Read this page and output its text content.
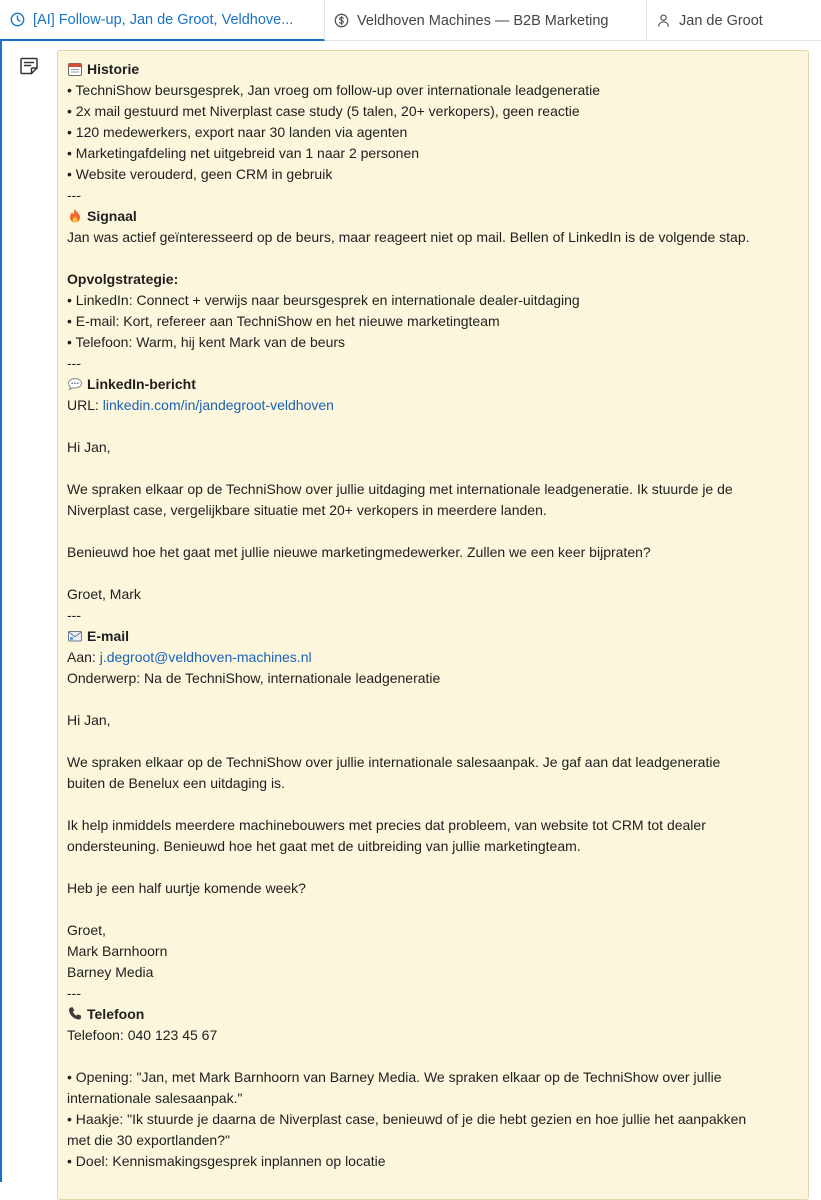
[AI] Follow-up, Jan de Groot, Veldhove...	Veldhoven Machines — B2B Marketing	Jan de Groot
Historie
• TechniShow beursgesprek, Jan vroeg om follow-up over internationale leadgeneratie
• 2x mail gestuurd met Niverplast case study (5 talen, 20+ verkopers), geen reactie
• 120 medewerkers, export naar 30 landen via agenten
• Marketingafdeling net uitgebreid van 1 naar 2 personen
• Website verouderd, geen CRM in gebruik
---
Signaal
Jan was actief geïnteresseerd op de beurs, maar reageert niet op mail. Bellen of LinkedIn is de volgende stap.
Opvolgstrategie:
• LinkedIn: Connect + verwijs naar beursgesprek en internationale dealer-uitdaging
• E-mail: Kort, refereer aan TechniShow en het nieuwe marketingteam
• Telefoon: Warm, hij kent Mark van de beurs
---
LinkedIn-bericht
URL: linkedin.com/in/jandegroot-veldhoven
Hi Jan,
We spraken elkaar op de TechniShow over jullie uitdaging met internationale leadgeneratie. Ik stuurde je de
Niverplast case, vergelijkbare situatie met 20+ verkopers in meerdere landen.
Benieuwd hoe het gaat met jullie nieuwe marketingmedewerker. Zullen we een keer bijpraten?
Groet, Mark
---
E-mail
Aan: j.degroot@veldhoven-machines.nl
Onderwerp: Na de TechniShow, internationale leadgeneratie
Hi Jan,
We spraken elkaar op de TechniShow over jullie internationale salesaanpak. Je gaf aan dat leadgeneratie
buiten de Benelux een uitdaging is.
Ik help inmiddels meerdere machinebouwers met precies dat probleem, van website tot CRM tot dealer
ondersteuning. Benieuwd hoe het gaat met de uitbreiding van jullie marketingteam.
Heb je een half uurtje komende week?
Groet,
Mark Barnhoorn
Barney Media
---
Telefoon
Telefoon: 040 123 45 67
• Opening: "Jan, met Mark Barnhoorn van Barney Media. We spraken elkaar op de TechniShow over jullie
internationale salesaanpak."
• Haakje: "Ik stuurde je daarna de Niverplast case, benieuwd of je die hebt gezien en hoe jullie het aanpakken
met die 30 exportlanden?"
• Doel: Kennismakingsgesprek inplannen op locatie
